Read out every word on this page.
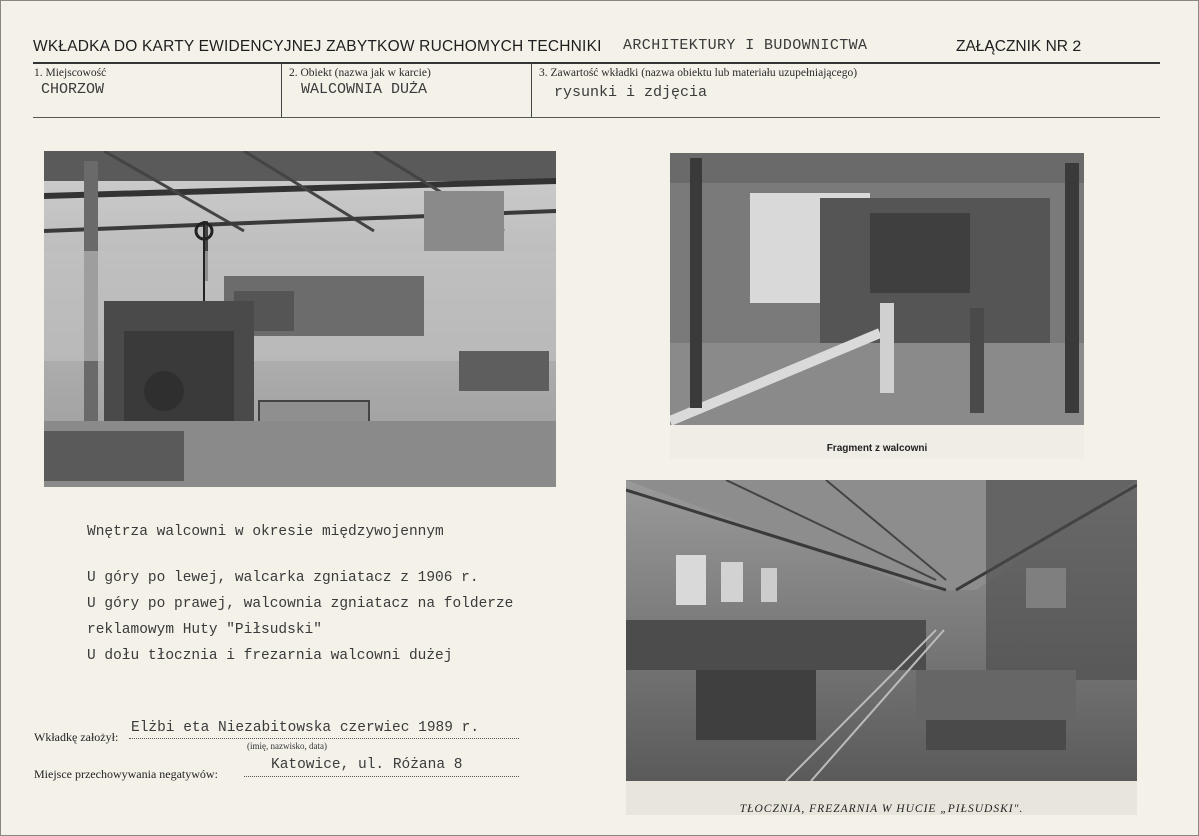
WKŁADKA DO KARTY EWIDENCYJNEJ ZABYTKOW RUCHOMYCH TECHNIKI ARCHITEKTURY I BUDOWNICTWA	ZAŁĄCZNIK NR 2
1. Miejscowość
CHORZOW
2. Obiekt (nazwa jak w karcie)
WALCOWNIA DUŻA
3. Zawartość wkładki (nazwa obiektu lub materiału uzupełniającego)
rysunki i zdjęcia
Fragment z walcowni
TŁOCZNIA, FREZARNIA W HUCIE „PIŁSUDSKI".
Wnętrza walcowni w okresie międzywojennym
U góry po lewej, walcarka zgniatacz z 1906 r.
U góry po prawej, walcownia zgniatacz na folderze
reklamowym Huty "Piłsudski"
U dołu tłocznia i frezarnia walcowni dużej
Wkładkę założył:
Elżbi eta Niezabitowska czerwiec 1989 r.
(imię, nazwisko, data)
Miejsce przechowywania negatywów:
Katowice, ul. Różana 8
